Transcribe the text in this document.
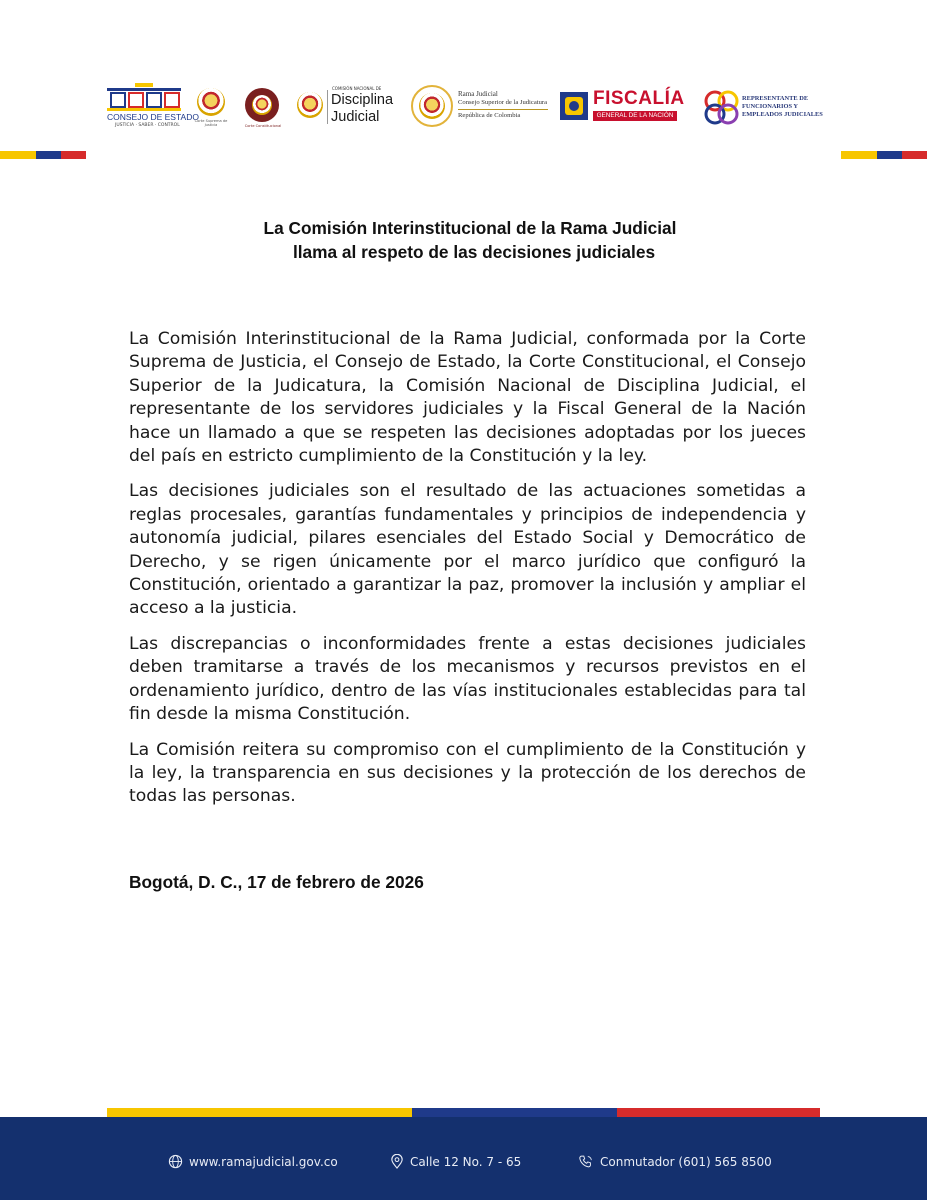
CONSEJO DE ESTADO
JUSTICIA · SABER · CONTROL
Corte Suprema de Justicia	Corte Constitucional
COMISIÓN NACIONAL DE
Disciplina
Judicial
Rama Judicial
Consejo Superior de la Judicatura
República de Colombia
FISCALÍA
GENERAL DE LA NACIÓN
REPRESENTANTE DE
FUNCIONARIOS Y
EMPLEADOS JUDICIALES
La Comisión Interinstitucional de la Rama Judicial
llama al respeto de las decisiones judiciales

La Comisión Interinstitucional de la Rama Judicial, conformada por la Corte Suprema de Justicia, el Consejo de Estado, la Corte Constitucional, el Consejo Superior de la Judicatura, la Comisión Nacional de Disciplina Judicial, el representante de los servidores judiciales y la Fiscal General de la Nación hace un llamado a que se respeten las decisiones adoptadas por los jueces del país en estricto cumplimiento de la Constitución y la ley.

Las decisiones judiciales son el resultado de las actuaciones sometidas a reglas procesales, garantías fundamentales y principios de independencia y autonomía judicial, pilares esenciales del Estado Social y Democrático de Derecho, y se rigen únicamente por el marco jurídico que configuró la Constitución, orientado a garantizar la paz, promover la inclusión y ampliar el acceso a la justicia.

Las discrepancias o inconformidades frente a estas decisiones judiciales deben tramitarse a través de los mecanismos y recursos previstos en el ordenamiento jurídico, dentro de las vías institucionales establecidas para tal fin desde la misma Constitución.

La Comisión reitera su compromiso con el cumplimiento de la Constitución y la ley, la transparencia en sus decisiones y la protección de los derechos de todas las personas.

Bogotá, D. C., 17 de febrero de 2026
www.ramajudicial.gov.co	Calle 12 No. 7 - 65	Conmutador (601) 565 8500
